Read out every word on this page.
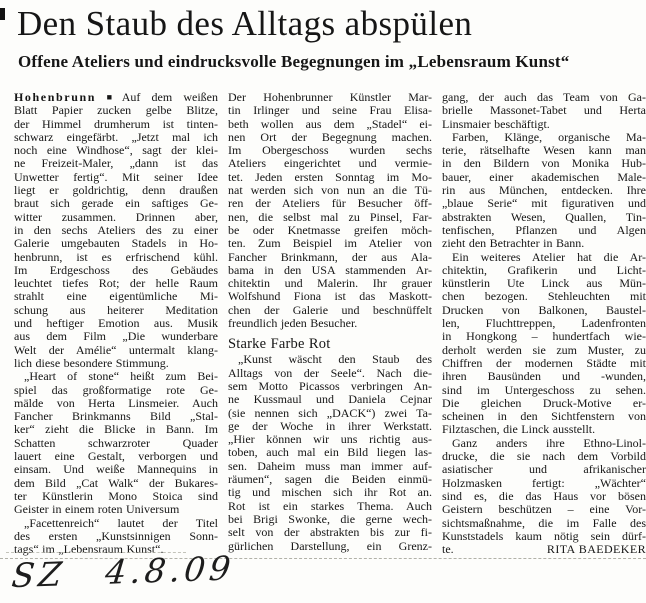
Den Staub des Alltags abspülen
Offene Ateliers und eindrucksvolle Begegnungen im „Lebensraum Kunst“
Hohenbrunn ■ Auf dem weißen
Blatt Papier zucken gelbe Blitze,
der Himmel drumherum ist tinten-
schwarz eingefärbt. „Jetzt mal ich
noch eine Windhose“, sagt der klei-
ne Freizeit-Maler, „dann ist das
Unwetter fertig“. Mit seiner Idee
liegt er goldrichtig, denn draußen
braut sich gerade ein saftiges Ge-
witter zusammen. Drinnen aber,
in den sechs Ateliers des zu einer
Galerie umgebauten Stadels in Ho-
henbrunn, ist es erfrischend kühl.
Im Erdgeschoss des Gebäudes
leuchtet tiefes Rot; der helle Raum
strahlt eine eigentümliche Mi-
schung aus heiterer Meditation
und heftiger Emotion aus. Musik
aus dem Film „Die wunderbare
Welt der Amélie“ untermalt klang-
lich diese besondere Stimmung.
„Heart of stone“ heißt zum Bei-
spiel das großformatige rote Ge-
mälde von Herta Linsmeier. Auch
Fancher Brinkmanns Bild „Stal-
ker“ zieht die Blicke in Bann. Im
Schatten schwarzroter Quader
lauert eine Gestalt, verborgen und
einsam. Und weiße Mannequins in
dem Bild „Cat Walk“ der Bukares-
ter Künstlerin Mono Stoica sind
Geister in einem roten Universum
„Facettenreich“ lautet der Titel
des ersten „Kunstsinnigen Sonn-
tags“ im „Lebensraum Kunst“.
Der Hohenbrunner Künstler Mar-
tin Irlinger und seine Frau Elisa-
beth wollen aus dem „Stadel“ ei-
nen Ort der Begegnung machen.
Im Obergeschoss wurden sechs
Ateliers eingerichtet und vermie-
tet. Jeden ersten Sonntag im Mo-
nat werden sich von nun an die Tü-
ren der Ateliers für Besucher öff-
nen, die selbst mal zu Pinsel, Far-
be oder Knetmasse greifen möch-
ten. Zum Beispiel im Atelier von
Fancher Brinkmann, der aus Ala-
bama in den USA stammenden Ar-
chitektin und Malerin. Ihr grauer
Wolfshund Fiona ist das Maskott-
chen der Galerie und beschnüffelt
freundlich jeden Besucher.
Starke Farbe Rot
„Kunst wäscht den Staub des
Alltags von der Seele“. Nach die-
sem Motto Picassos verbringen An-
ne Kussmaul und Daniela Cejnar
(sie nennen sich „DACK“) zwei Ta-
ge der Woche in ihrer Werkstatt.
„Hier können wir uns richtig aus-
toben, auch mal ein Bild liegen las-
sen. Daheim muss man immer auf-
räumen“, sagen die Beiden einmü-
tig und mischen sich ihr Rot an.
Rot ist ein starkes Thema. Auch
bei Brigi Swonke, die gerne wech-
selt von der abstrakten bis zur fi-
gürlichen Darstellung, ein Grenz-
gang, der auch das Team von Ga-
brielle Massonet-Tabet und Herta
Linsmaier beschäftigt.
Farben, Klänge, organische Ma-
terie, rätselhafte Wesen kann man
in den Bildern von Monika Hub-
bauer, einer akademischen Male-
rin aus München, entdecken. Ihre
„blaue Serie“ mit figurativen und
abstrakten Wesen, Quallen, Tin-
tenfischen, Pflanzen und Algen
zieht den Betrachter in Bann.
Ein weiteres Atelier hat die Ar-
chitektin, Grafikerin und Licht-
künstlerin Ute Linck aus Mün-
chen bezogen. Stehleuchten mit
Drucken von Balkonen, Baustel-
len, Fluchttreppen, Ladenfronten
in Hongkong – hundertfach wie-
derholt werden sie zum Muster, zu
Chiffren der modernen Städte mit
ihren Bausünden und -wunden,
sind im Untergeschoss zu sehen.
Die gleichen Druck-Motive er-
scheinen in den Sichtfenstern von
Filztaschen, die Linck ausstellt.
Ganz anders ihre Ethno-Linol-
drucke, die sie nach dem Vorbild
asiatischer und afrikanischer
Holzmasken fertigt: „Wächter“
sind es, die das Haus vor bösen
Geistern beschützen – eine Vor-
sichtsmaßnahme, die im Falle des
Kunststadels kaum nötig sein dürf-
te.	RITA BAEDEKER
SZ 4.8.09
